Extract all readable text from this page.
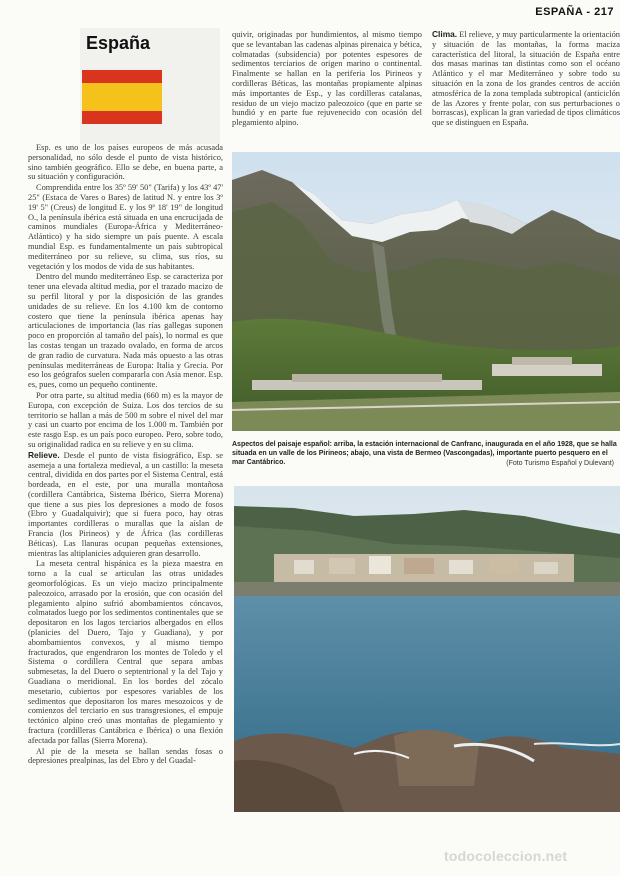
ESPAÑA - 217
España

Esp. es uno de los países europeos de más acusada personalidad, no sólo desde el punto de vista histórico, sino también geográfico. Ello se debe, en buena parte, a su situación y configuración.

Comprendida entre los 35º 59' 50" (Tarifa) y los 43º 47' 25" (Estaca de Vares o Bares) de latitud N. y entre los 3º 19' 5" (Creus) de longitud E. y los 9º 18' 19" de longitud O., la península ibérica está situada en una encrucijada de caminos mundiales (Europa-África y Mediterráneo-Atlántico) y ha sido siempre un país puente. A escala mundial Esp. es fundamentalmente un país subtropical mediterráneo por su relieve, su clima, sus ríos, su vegetación y los modos de vida de sus habitantes.

Dentro del mundo mediterráneo Esp. se caracteriza por tener una elevada altitud media, por el trazado macizo de su perfil litoral y por la disposición de las grandes unidades de su relieve. En los 4.100 km de contorno costero que tiene la península ibérica apenas hay articulaciones de importancia (las rías gallegas suponen poco en proporción al tamaño del país), lo normal es que las costas tengan un trazado ovalado, en forma de arcos de gran radio de curvatura. Nada más opuesto a las otras penínsulas mediterráneas de Europa: Italia y Grecia. Por eso los geógrafos suelen compararla con Asia menor. Esp. es, pues, como un pequeño continente.

Por otra parte, su altitud media (660 m) es la mayor de Europa, con excepción de Suiza. Los dos tercios de su territorio se hallan a más de 500 m sobre el nivel del mar y casi un cuarto por encima de los 1.000 m. También por este rasgo Esp. es un país poco europeo. Pero, sobre todo, su originalidad radica en su relieve y en su clima.

Relieve. Desde el punto de vista fisiográfico, Esp. se asemeja a una fortaleza medieval, a un castillo: la meseta central, dividida en dos partes por el Sistema Central, está bordeada, en el este, por una muralla montañosa (cordillera Cantábrica, Sistema Ibérico, Sierra Morena) que tiene a sus pies los depresiones a modo de fosos (Ebro y Guadalquivir); que si fuera poco, hay otras importantes cordilleras o murallas que la aíslan de Francia (los Pirineos) y de África (las cordilleras Béticas). Las llanuras ocupan pequeñas extensiones, mientras las altiplanicies adquieren gran desarrollo.

La meseta central hispánica es la pieza maestra en torno a la cual se articulan las otras unidades geomorfológicas. Es un viejo macizo principalmente paleozoico, arrasado por la erosión, que con ocasión del plegamiento alpino sufrió abombamientos cóncavos, colmatados luego por los sedimentos continentales que se depositaron en los lagos terciarios albergados en ellos (planicies del Duero, Tajo y Guadiana), y por abombamientos convexos, y al mismo tiempo fracturados, que engendraron los montes de Toledo y el Sistema o cordillera Central que separa ambas submesetas, la del Duero o septentrional y la del Tajo y Guadiana o meridional. En los bordes del zócalo mesetario, cubiertos por espesores variables de los sedimentos que depositaron los mares mesozoicos y de comienzos del terciario en sus transgresiones, el empuje tectónico alpino creó unas montañas de plegamiento y fractura (cordilleras Cantábrica e Ibérica) o una flexión afectada por fallas (Sierra Morena).

Al pie de la meseta se hallan sendas fosas o depresiones prealpinas, las del Ebro y del Guadal-

quivir, originadas por hundimientos, al mismo tiempo que se levantaban las cadenas alpinas pirenaica y bética, colmatadas (subsidencia) por potentes espesores de sedimentos terciarios de origen marino o continental. Finalmente se hallan en la periferia los Pirineos y cordilleras Béticas, las montañas propiamente alpinas más importantes de Esp., y las cordilleras catalanas, residuo de un viejo macizo paleozoico (que en parte se hundió y en parte fue rejuvenecido con ocasión del plegamiento alpino.

Clima. El relieve, y muy particularmente la orientación y situación de las montañas, la forma maciza característica del litoral, la situación de España entre dos masas marinas tan distintas como son el océano Atlántico y el mar Mediterráneo y sobre todo su situación en la zona de los grandes centros de acción atmosférica de la zona templada subtropical (anticiclón de las Azores y frente polar, con sus perturbaciones o borrascas), explican la gran variedad de tipos climáticos que se distinguen en España.

Aspectos del paisaje español: arriba, la estación internacional de Canfranc, inaugurada en el año 1928, que se halla situada en un valle de los Pirineos; abajo, una vista de Bermeo (Vascongadas), importante puerto pesquero en el mar Cantábrico.	(Foto Turismo Español y Dulevant)
todocoleccion.net
